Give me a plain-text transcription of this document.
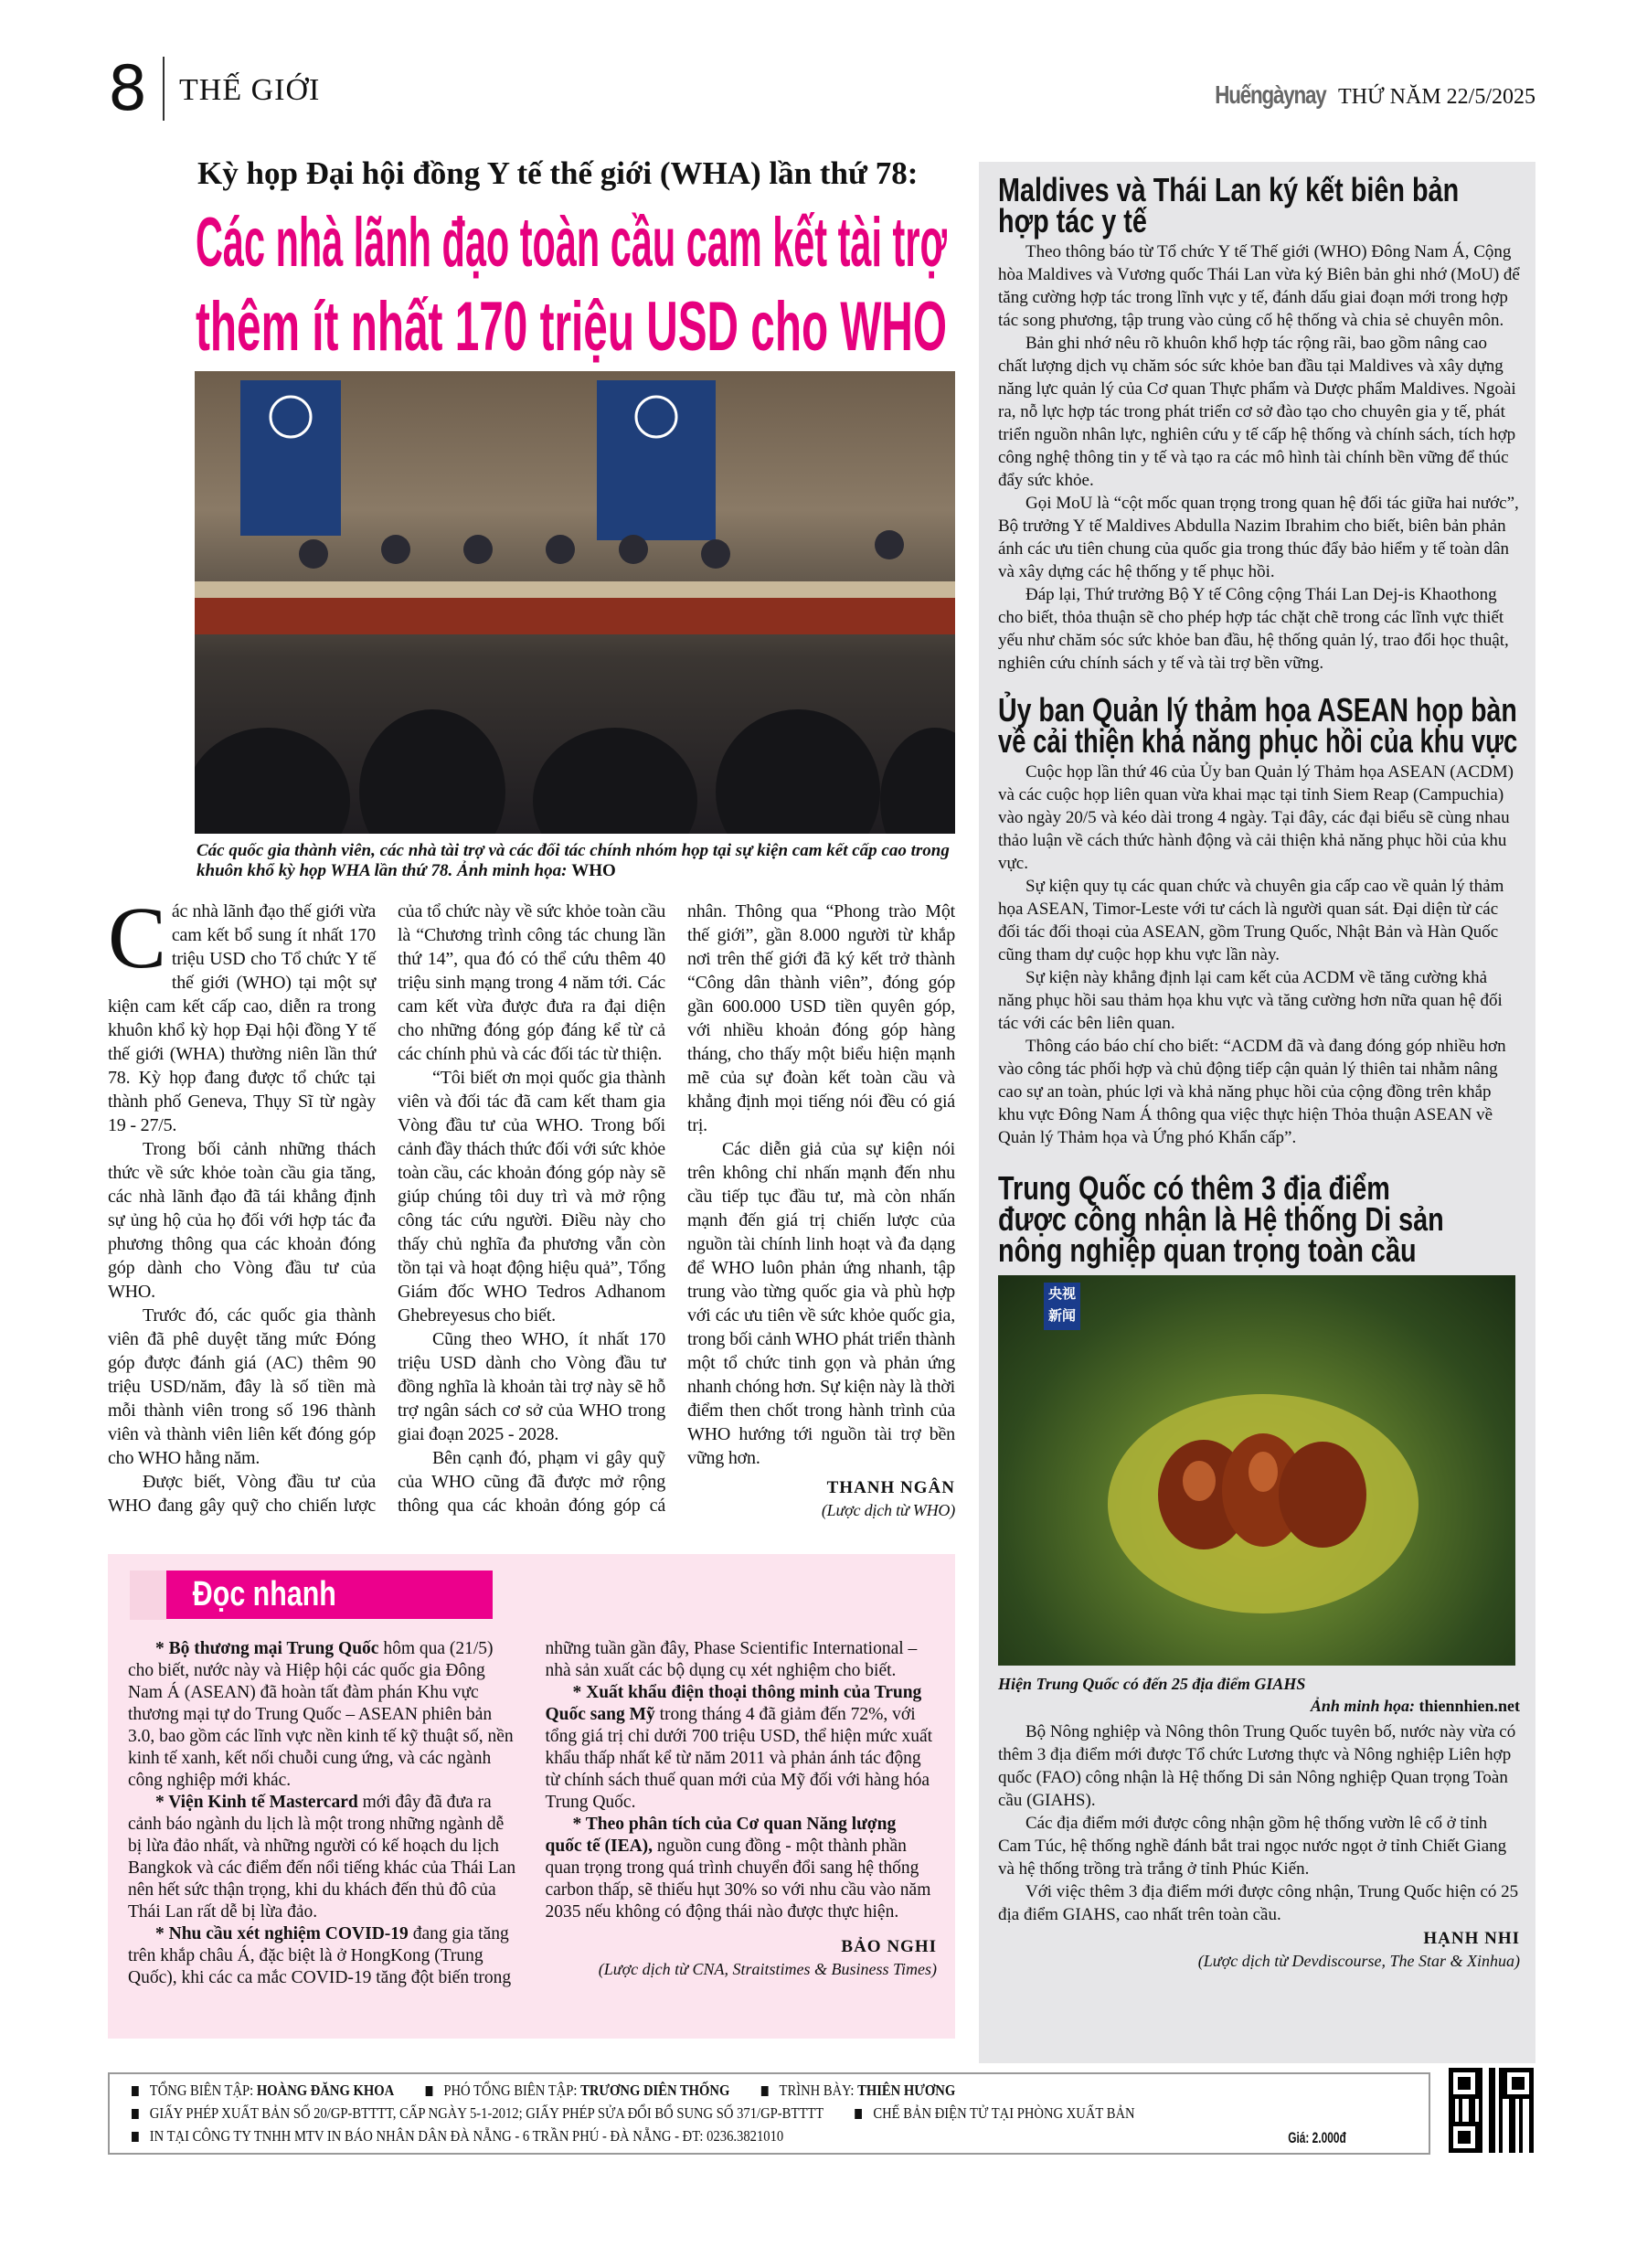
8 THẾ GIỚI	Huếngàynay THỨ NĂM 22/5/2025
Kỳ họp Đại hội đồng Y tế thế giới (WHA) lần thứ 78:
Các nhà lãnh đạo toàn cầu cam kết tài trợ
thêm ít nhất 170 triệu USD cho WHO
Các quốc gia thành viên, các nhà tài trợ và các đối tác chính nhóm họp tại sự kiện cam kết cấp cao trong khuôn khổ kỳ họp WHA lần thứ 78. Ảnh minh họa: WHO

Các nhà lãnh đạo thế giới vừa cam kết bổ sung ít nhất 170 triệu USD cho Tổ chức Y tế thế giới (WHO) tại một sự kiện cam kết cấp cao, diễn ra trong khuôn khổ kỳ họp Đại hội đồng Y tế thế giới (WHA) thường niên lần thứ 78. Kỳ họp đang được tổ chức tại thành phố Geneva, Thụy Sĩ từ ngày 19 - 27/5.

Trong bối cảnh những thách thức về sức khỏe toàn cầu gia tăng, các nhà lãnh đạo đã tái khẳng định sự ủng hộ của họ đối với hợp tác đa phương thông qua các khoản đóng góp dành cho Vòng đầu tư của WHO.

Trước đó, các quốc gia thành viên đã phê duyệt tăng mức Đóng góp được đánh giá (AC) thêm 90 triệu USD/năm, đây là số tiền mà mỗi thành viên trong số 196 thành viên và thành viên liên kết đóng góp cho WHO hằng năm.

Được biết, Vòng đầu tư của WHO đang gây quỹ cho chiến lược của tổ chức này về sức khỏe toàn cầu là “Chương trình công tác chung lần thứ 14”, qua đó có thể cứu thêm 40 triệu sinh mạng trong 4 năm tới. Các cam kết vừa được đưa ra đại diện cho những đóng góp đáng kể từ cả các chính phủ và các đối tác từ thiện.

“Tôi biết ơn mọi quốc gia thành viên và đối tác đã cam kết tham gia Vòng đầu tư của WHO. Trong bối cảnh đầy thách thức đối với sức khỏe toàn cầu, các khoản đóng góp này sẽ giúp chúng tôi duy trì và mở rộng công tác cứu người. Điều này cho thấy chủ nghĩa đa phương vẫn còn tồn tại và hoạt động hiệu quả”, Tổng Giám đốc WHO Tedros Adhanom Ghebreyesus cho biết.

Cũng theo WHO, ít nhất 170 triệu USD dành cho Vòng đầu tư đồng nghĩa là khoản tài trợ này sẽ hỗ trợ ngân sách cơ sở của WHO trong giai đoạn 2025 - 2028.

Bên cạnh đó, phạm vi gây quỹ của WHO cũng đã được mở rộng thông qua các khoản đóng góp cá nhân. Thông qua “Phong trào Một thế giới”, gần 8.000 người từ khắp nơi trên thế giới đã ký kết trở thành “Công dân thành viên”, đóng góp gần 600.000 USD tiền quyên góp, với nhiều khoản đóng góp hàng tháng, cho thấy một biểu hiện mạnh mẽ của sự đoàn kết toàn cầu và khẳng định mọi tiếng nói đều có giá trị.

Các diễn giả của sự kiện nói trên không chỉ nhấn mạnh đến nhu cầu tiếp tục đầu tư, mà còn nhấn mạnh đến giá trị chiến lược của nguồn tài chính linh hoạt và đa dạng để WHO luôn phản ứng nhanh, tập trung vào từng quốc gia và phù hợp với các ưu tiên về sức khỏe quốc gia, trong bối cảnh WHO phát triển thành một tổ chức tinh gọn và phản ứng nhanh chóng hơn. Sự kiện này là thời điểm then chốt trong hành trình của WHO hướng tới nguồn tài trợ bền vững hơn.

THANH NGÂN
(Lược dịch từ WHO)
Đọc nhanh

* Bộ thương mại Trung Quốc hôm qua (21/5) cho biết, nước này và Hiệp hội các quốc gia Đông Nam Á (ASEAN) đã hoàn tất đàm phán Khu vực thương mại tự do Trung Quốc – ASEAN phiên bản 3.0, bao gồm các lĩnh vực nền kinh tế kỹ thuật số, nền kinh tế xanh, kết nối chuỗi cung ứng, và các ngành công nghiệp mới khác.

* Viện Kinh tế Mastercard mới đây đã đưa ra cảnh báo ngành du lịch là một trong những ngành dễ bị lừa đảo nhất, và những người có kế hoạch du lịch Bangkok và các điểm đến nổi tiếng khác của Thái Lan nên hết sức thận trọng, khi du khách đến thủ đô của Thái Lan rất dễ bị lừa đảo.

* Nhu cầu xét nghiệm COVID-19 đang gia tăng trên khắp châu Á, đặc biệt là ở HongKong (Trung Quốc), khi các ca mắc COVID-19 tăng đột biến trong những tuần gần đây, Phase Scientific International – nhà sản xuất các bộ dụng cụ xét nghiệm cho biết.

* Xuất khẩu điện thoại thông minh của Trung Quốc sang Mỹ trong tháng 4 đã giảm đến 72%, với tổng giá trị chỉ dưới 700 triệu USD, thể hiện mức xuất khẩu thấp nhất kể từ năm 2011 và phản ánh tác động từ chính sách thuế quan mới của Mỹ đối với hàng hóa Trung Quốc.

* Theo phân tích của Cơ quan Năng lượng quốc tế (IEA), nguồn cung đồng - một thành phần quan trọng trong quá trình chuyển đổi sang hệ thống carbon thấp, sẽ thiếu hụt 30% so với nhu cầu vào năm 2035 nếu không có động thái nào được thực hiện.

BẢO NGHI
(Lược dịch từ CNA, Straitstimes & Business Times)
Maldives và Thái Lan ký kết biên bản
hợp tác y tế

Theo thông báo từ Tổ chức Y tế Thế giới (WHO) Đông Nam Á, Cộng hòa Maldives và Vương quốc Thái Lan vừa ký Biên bản ghi nhớ (MoU) để tăng cường hợp tác trong lĩnh vực y tế, đánh dấu giai đoạn mới trong hợp tác song phương, tập trung vào củng cố hệ thống và chia sẻ chuyên môn.

Bản ghi nhớ nêu rõ khuôn khổ hợp tác rộng rãi, bao gồm nâng cao chất lượng dịch vụ chăm sóc sức khỏe ban đầu tại Maldives và xây dựng năng lực quản lý của Cơ quan Thực phẩm và Dược phẩm Maldives. Ngoài ra, nỗ lực hợp tác trong phát triển cơ sở đào tạo cho chuyên gia y tế, phát triển nguồn nhân lực, nghiên cứu y tế cấp hệ thống và chính sách, tích hợp công nghệ thông tin y tế và tạo ra các mô hình tài chính bền vững để thúc đẩy sức khỏe.

Gọi MoU là “cột mốc quan trọng trong quan hệ đối tác giữa hai nước”, Bộ trưởng Y tế Maldives Abdulla Nazim Ibrahim cho biết, biên bản phản ánh các ưu tiên chung của quốc gia trong thúc đẩy bảo hiểm y tế toàn dân và xây dựng các hệ thống y tế phục hồi.

Đáp lại, Thứ trưởng Bộ Y tế Công cộng Thái Lan Dej-is Khaothong cho biết, thỏa thuận sẽ cho phép hợp tác chặt chẽ trong các lĩnh vực thiết yếu như chăm sóc sức khỏe ban đầu, hệ thống quản lý, trao đổi học thuật, nghiên cứu chính sách y tế và tài trợ bền vững.

Ủy ban Quản lý thảm họa ASEAN họp bàn
về cải thiện khả năng phục hồi của khu vực

Cuộc họp lần thứ 46 của Ủy ban Quản lý Thảm họa ASEAN (ACDM) và các cuộc họp liên quan vừa khai mạc tại tỉnh Siem Reap (Campuchia) vào ngày 20/5 và kéo dài trong 4 ngày. Tại đây, các đại biểu sẽ cùng nhau thảo luận về cách thức hành động và cải thiện khả năng phục hồi của khu vực.

Sự kiện quy tụ các quan chức và chuyên gia cấp cao về quản lý thảm họa ASEAN, Timor-Leste với tư cách là người quan sát. Đại diện từ các đối tác đối thoại của ASEAN, gồm Trung Quốc, Nhật Bản và Hàn Quốc cũng tham dự cuộc họp khu vực lần này.

Sự kiện này khẳng định lại cam kết của ACDM về tăng cường khả năng phục hồi sau thảm họa khu vực và tăng cường hơn nữa quan hệ đối tác với các bên liên quan.

Thông cáo báo chí cho biết: “ACDM đã và đang đóng góp nhiều hơn vào công tác phối hợp và chủ động tiếp cận quản lý thiên tai nhằm nâng cao sự an toàn, phúc lợi và khả năng phục hồi của cộng đồng trên khắp khu vực Đông Nam Á thông qua việc thực hiện Thỏa thuận ASEAN về Quản lý Thảm họa và Ứng phó Khẩn cấp”.

Trung Quốc có thêm 3 địa điểm
được công nhận là Hệ thống Di sản
nông nghiệp quan trọng toàn cầu
央视新闻
Hiện Trung Quốc có đến 25 địa điểm GIAHS
Ảnh minh họa: thiennhien.net

Bộ Nông nghiệp và Nông thôn Trung Quốc tuyên bố, nước này vừa có thêm 3 địa điểm mới được Tổ chức Lương thực và Nông nghiệp Liên hợp quốc (FAO) công nhận là Hệ thống Di sản Nông nghiệp Quan trọng Toàn cầu (GIAHS).

Các địa điểm mới được công nhận gồm hệ thống vườn lê cổ ở tỉnh Cam Túc, hệ thống nghề đánh bắt trai ngọc nước ngọt ở tỉnh Chiết Giang và hệ thống trồng trà trắng ở tỉnh Phúc Kiến.

Với việc thêm 3 địa điểm mới được công nhận, Trung Quốc hiện có 25 địa điểm GIAHS, cao nhất trên toàn cầu.

HẠNH NHI
(Lược dịch từ Devdiscourse, The Star & Xinhua)
TỔNG BIÊN TẬP: HOÀNG ĐĂNG KHOA	PHÓ TỔNG BIÊN TẬP: TRƯƠNG DIÊN THỐNG	TRÌNH BÀY: THIÊN HƯƠNG
GIẤY PHÉP XUẤT BẢN SỐ 20/GP-BTTTT, CẤP NGÀY 5-1-2012; GIẤY PHÉP SỬA ĐỔI BỔ SUNG SỐ 371/GP-BTTTT	CHẾ BẢN ĐIỆN TỬ TẠI PHÒNG XUẤT BẢN
IN TẠI CÔNG TY TNHH MTV IN BÁO NHÂN DÂN ĐÀ NẴNG - 6 TRẦN PHÚ - ĐÀ NẴNG - ĐT: 0236.3821010	Giá: 2.000đ
